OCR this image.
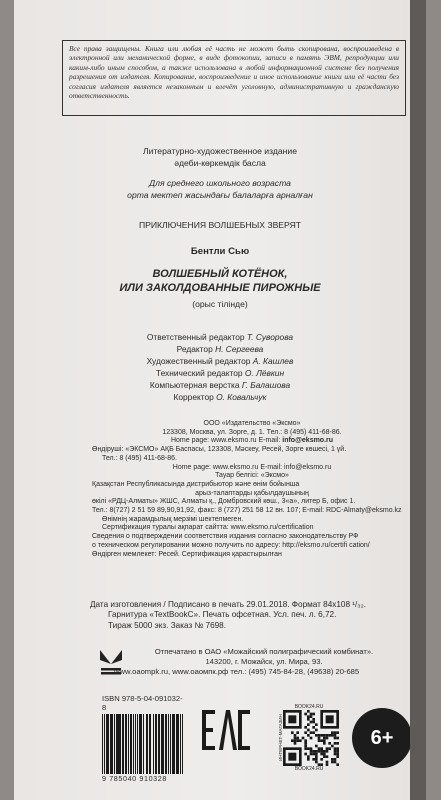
Все права защищены. Книга или любая её часть не может быть скопирована, воспроизведена в электронной или механической форме, в виде фотокопии, записи в память ЭВМ, репродукции или каким-либо иным способом, а также использована в любой информационной системе без получения разрешения от издателя. Копирование, воспроизведение и иное использование книги или её части без согласия издателя является незаконным и влечёт уголовную, административную и гражданскую ответственность.
Литературно-художественное издание
әдеби-көркемдік басла
Для среднего школьного возраста
орта мектеп жасындағы балаларға арналған
ПРИКЛЮЧЕНИЯ ВОЛШЕБНЫХ ЗВЕРЯТ
Бентли Сью
ВОЛШЕБНЫЙ КОТЁНОК,
ИЛИ ЗАКОЛДОВАННЫЕ ПИРОЖНЫЕ
(орыс тілінде)
Ответственный редактор Т. Суворова
Редактор Н. Сергеева
Художественный редактор А. Кашлев
Технический редактор О. Лёвкин
Компьютерная верстка Г. Балашова
Корректор О. Ковальчук
ООО «Издательство «Эксмо»
123308, Москва, ул. Зорге, д. 1. Тел.: 8 (495) 411-68-86.
Home page: www.eksmo.ru E-mail: info@eksmo.ru
Өндіруші: «ЭКСМО» АҚБ Баспасы, 123308, Мәскеу, Ресей, Зорге көшесі, 1 үй.
Тел.: 8 (495) 411-68-86.
Home page: www.eksmo.ru E-mail: info@eksmo.ru
Тауар белгісі: «Эксмо»
Қазақстан Республикасында дистрибьютор және өнім бойынша
арыз-талаптарды қабылдаушының
өкілі «РДЦ-Алматы» ЖШС, Алматы қ., Домбровский көш., 3«а», литер Б, офис 1.
Тел.: 8(727) 2 51 59 89,90,91,92, факс: 8 (727) 251 58 12 вн. 107; E-mail: RDC-Almaty@eksmo.kz
Өнімнің жарамдылық мерзімі шектелмеген.
Сертификация туралы ақпарат сайтта: www.eksmo.ru/certification
Сведения о подтверждении соответствия издания согласно законодательству РФ
о техническом регулировании можно получить по адресу: http://eksmo.ru/certifi cation/
Өндірген мемлекет: Ресей. Сертификация қарастырылған
Дата изготовления / Подписано в печать 29.01.2018. Формат 84x108 ¹/₃₂.
Гарнитура «TextBookC». Печать офсетная. Усл. печ. л. 6,72.
Тираж 5000 экз. Заказ № 7698.
Отпечатано в ОАО «Можайский полиграфический комбинат».
143200, г. Можайск, ул. Мира, 93.
www.oaompk.ru, www.оаомпк.рф тел.: (495) 745-84-28, (49638) 20-685
ISBN 978-5-04-091032-8
9 785040 910328
BOOK24.RU
ИНТЕРНЕТ-МАГАЗИН
BOOK24.RU
6+
